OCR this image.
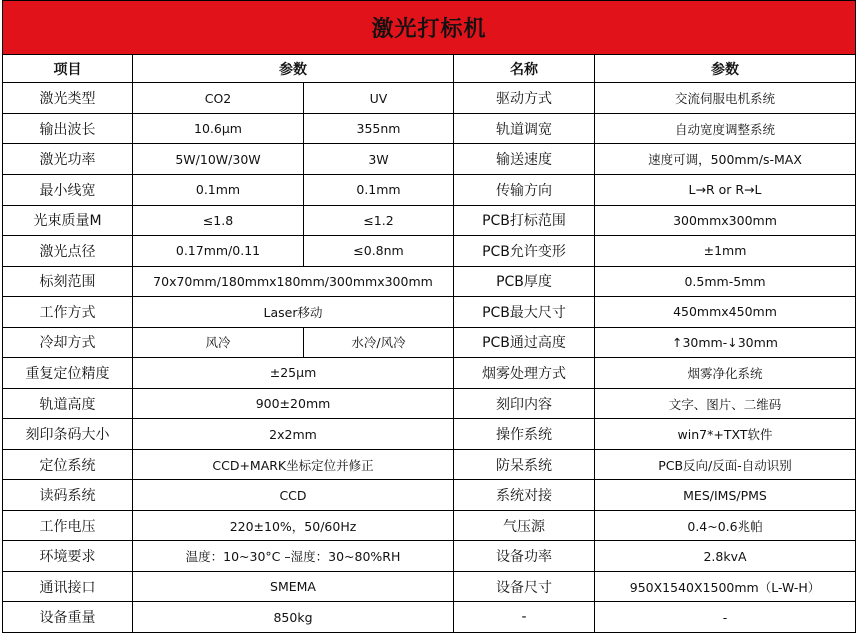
激光打标机				
项目	参数		名称	参数
激光类型	CO2	UV	驱动方式	交流伺服电机系统
输出波长	10.6μm	355nm	轨道调宽	自动宽度调整系统
激光功率	5W/10W/30W	3W	输送速度	速度可调，500mm/s-MAX
最小线宽	0.1mm	0.1mm	传输方向	L→R or R→L
光束质量M	≤1.8	≤1.2	PCB打标范围	300mmx300mm
激光点径	0.17mm/0.11	≤0.8nm	PCB允许变形	±1mm
标刻范围	70x70mm/180mmx180mm/300mmx300mm		PCB厚度	0.5mm-5mm
工作方式	Laser移动		PCB最大尺寸	450mmx450mm
冷却方式	风冷	水冷/风冷	PCB通过高度	↑30mm-↓30mm
重复定位精度	±25μm		烟雾处理方式	烟雾净化系统
轨道高度	900±20mm		刻印内容	文字、图片、二维码
刻印条码大小	2x2mm		操作系统	win7*+TXT软件
定位系统	CCD+MARK坐标定位并修正		防呆系统	PCB反向/反面-自动识别
读码系统	CCD		系统对接	MES/IMS/PMS
工作电压	220±10%，50/60Hz		气压源	0.4~0.6兆帕
环境要求	温度：10~30°C –湿度：30~80%RH		设备功率	2.8kvA
通讯接口	SMEMA		设备尺寸	950X1540X1500mm（L-W-H）
设备重量	850kg		-	-
